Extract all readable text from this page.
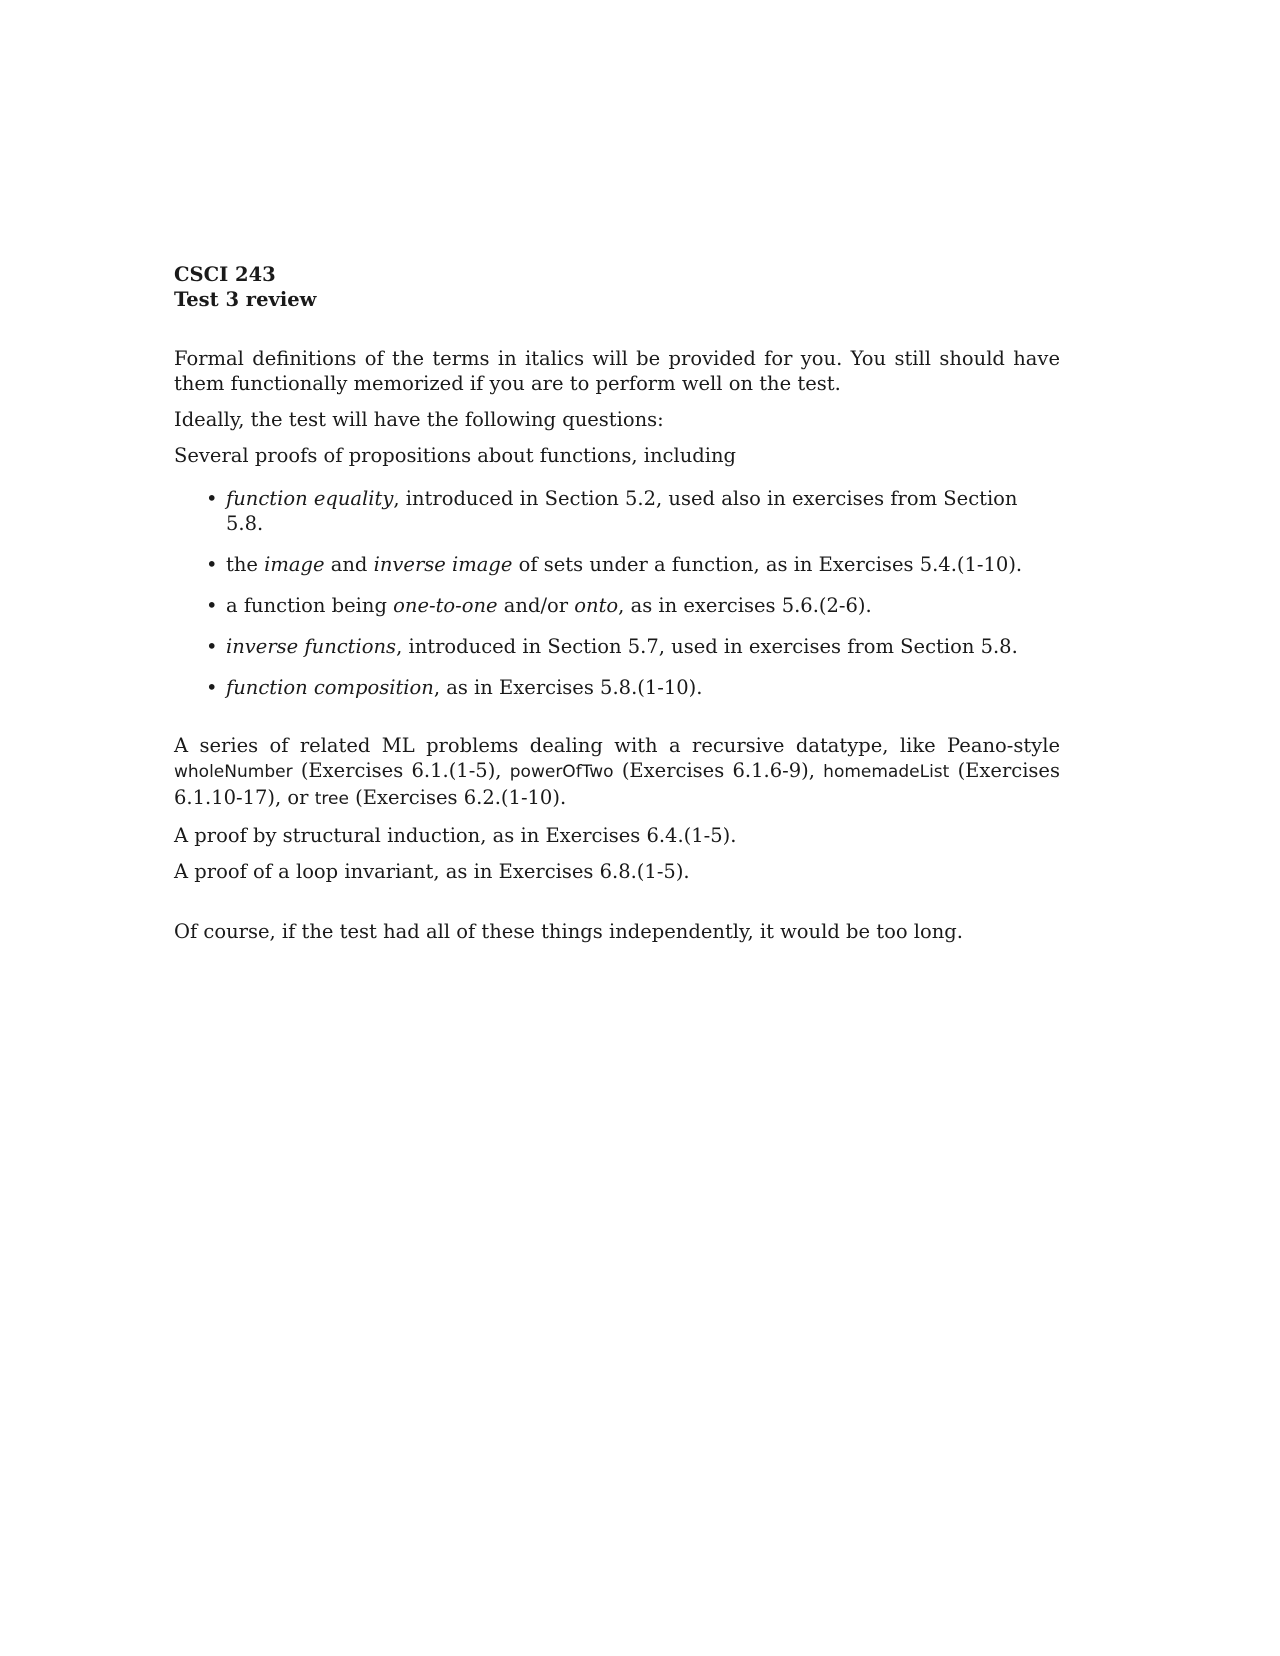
CSCI 243
Test 3 review

Formal definitions of the terms in italics will be provided for you. You still should have them functionally memorized if you are to perform well on the test.

Ideally, the test will have the following questions:

Several proofs of propositions about functions, including

• function equality, introduced in Section 5.2, used also in exercises from Section 5.8.
• the image and inverse image of sets under a function, as in Exercises 5.4.(1-10).
• a function being one-to-one and/or onto, as in exercises 5.6.(2-6).
• inverse functions, introduced in Section 5.7, used in exercises from Section 5.8.
• function composition, as in Exercises 5.8.(1-10).

A series of related ML problems dealing with a recursive datatype, like Peano-style wholeNumber (Exercises 6.1.(1-5), powerOfTwo (Exercises 6.1.6-9), homemadeList (Exercises 6.1.10-17), or tree (Exercises 6.2.(1-10).

A proof by structural induction, as in Exercises 6.4.(1-5).

A proof of a loop invariant, as in Exercises 6.8.(1-5).

Of course, if the test had all of these things independently, it would be too long.
